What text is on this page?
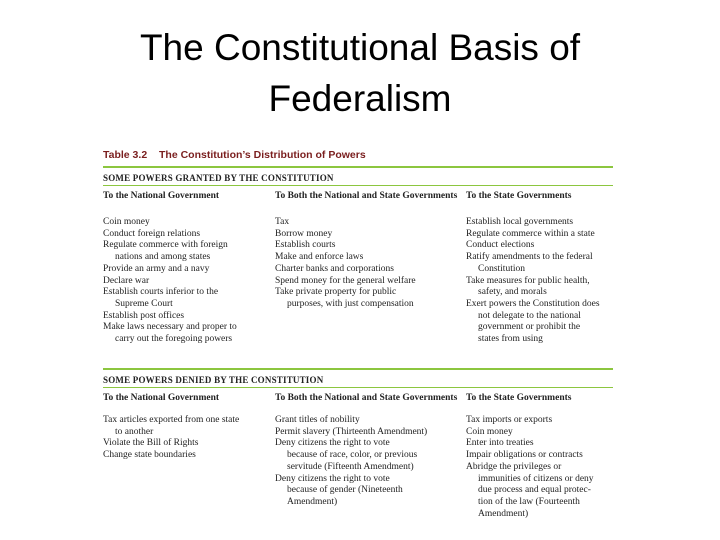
The Constitutional Basis of
Federalism
Table 3.2 The Constitution’s Distribution of Powers
SOME POWERS GRANTED BY THE CONSTITUTION
To the National Government	To Both the National and State Governments To the State Governments
Coin money
Conduct foreign relations
Regulate commerce with foreign
nations and among states
Provide an army and a navy
Declare war
Establish courts inferior to the
Supreme Court
Establish post offices
Make laws necessary and proper to
carry out the foregoing powers
Tax
Borrow money
Establish courts
Make and enforce laws
Charter banks and corporations
Spend money for the general welfare
Take private property for public
purposes, with just compensation
Establish local governments
Regulate commerce within a state
Conduct elections
Ratify amendments to the federal
Constitution
Take measures for public health,
safety, and morals
Exert powers the Constitution does
not delegate to the national
government or prohibit the
states from using
SOME POWERS DENIED BY THE CONSTITUTION
To the National Government	To Both the National and State Governments To the State Governments
Tax articles exported from one state
to another
Violate the Bill of Rights
Change state boundaries
Grant titles of nobility
Permit slavery (Thirteenth Amendment)
Deny citizens the right to vote
because of race, color, or previous
servitude (Fifteenth Amendment)
Deny citizens the right to vote
because of gender (Nineteenth
Amendment)
Tax imports or exports
Coin money
Enter into treaties
Impair obligations or contracts
Abridge the privileges or
immunities of citizens or deny
due process and equal protec-
tion of the law (Fourteenth
Amendment)
